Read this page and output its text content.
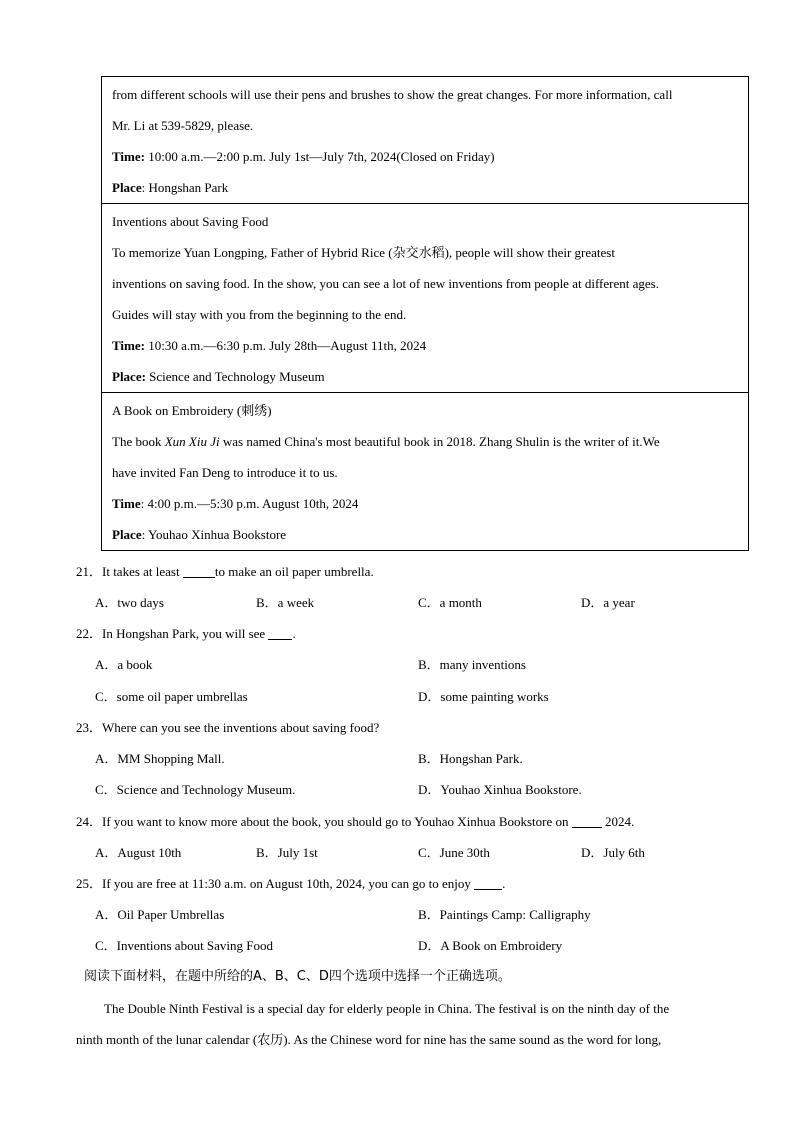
from different schools will use their pens and brushes to show the great changes. For more information, call
Mr. Li at 539-5829, please.
Time: 10:00 a.m.—2:00 p.m. July 1st—July 7th, 2024(Closed on Friday)
Place: Hongshan Park
Inventions about Saving Food
To memorize Yuan Longping, Father of Hybrid Rice (杂交水稻), people will show their greatest
inventions on saving food. In the show, you can see a lot of new inventions from people at different ages.
Guides will stay with you from the beginning to the end.
Time: 10:30 a.m.—6:30 p.m. July 28th—August 11th, 2024
Place: Science and Technology Museum
A Book on Embroidery (刺绣)
The book Xun Xiu Ji was named China's most beautiful book in 2018. Zhang Shulin is the writer of it.We
have invited Fan Deng to introduce it to us.
Time: 4:00 p.m.—5:30 p.m. August 10th, 2024
Place: Youhao Xinhua Bookstore
21．It takes at least to make an oil paper umbrella.
A．two days	B．a week	C．a month	D．a year
22．In Hongshan Park, you will see .
A．a book	B．many inventions
C．some oil paper umbrellas	D．some painting works
23．Where can you see the inventions about saving food?
A．MM Shopping Mall.	B．Hongshan Park.
C．Science and Technology Museum.	D．Youhao Xinhua Bookstore.
24．If you want to know more about the book, you should go to Youhao Xinhua Bookstore on  2024.
A．August 10th	B．July 1st	C．June 30th	D．July 6th
25．If you are free at 11:30 a.m. on August 10th, 2024, you can go to enjoy .
A．Oil Paper Umbrellas	B．Paintings Camp: Calligraphy
C．Inventions about Saving Food	D．A Book on Embroidery
阅读下面材料，在题中所给的A、B、C、D四个选项中选择一个正确选项。
The Double Ninth Festival is a special day for elderly people in China. The festival is on the ninth day of the
ninth month of the lunar calendar (农历). As the Chinese word for nine has the same sound as the word for long,
